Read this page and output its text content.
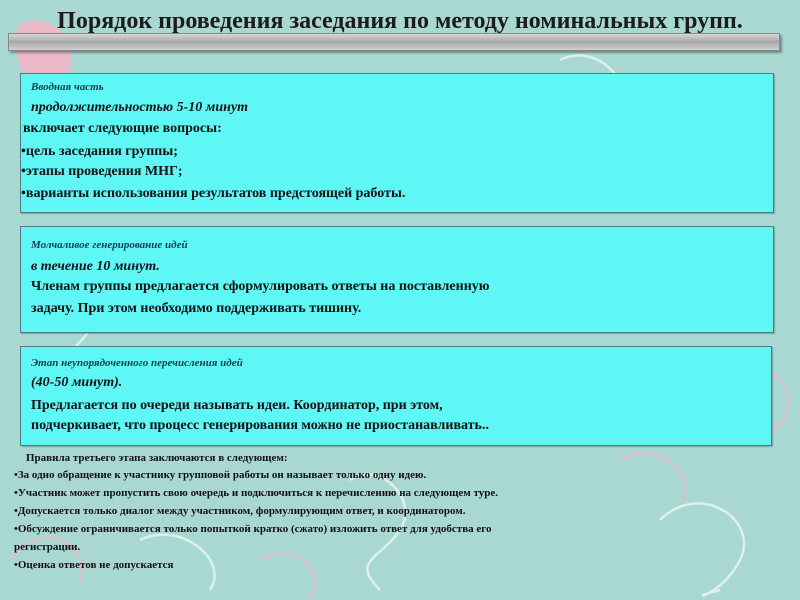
Порядок проведения заседания по методу номинальных групп.
Вводная часть
продолжительностью 5-10 минут
включает следующие вопросы:
•цель заседания группы;
•этапы проведения МНГ;
•варианты использования результатов предстоящей работы.
Молчаливое генерирование идей
в течение 10 минут.
Членам группы предлагается сформулировать ответы на поставленную
задачу. При этом необходимо поддерживать тишину.
Этап неупорядоченного перечисления идей
(40-50 минут).
Предлагается по очереди называть идеи. Координатор, при этом,
подчеркивает, что процесс генерирования можно не приостанавливать..
Правила третьего этапа заключаются в следующем:
•За одно обращение к участнику групповой работы он называет только одну идею.
•Участник может пропустить свою очередь и подключиться к перечислению на следующем туре.
•Допускается только диалог между участником, формулирующим ответ, и координатором.
•Обсуждение ограничивается только попыткой кратко (сжато) изложить ответ для удобства его
регистрации.
•Оценка ответов не допускается
